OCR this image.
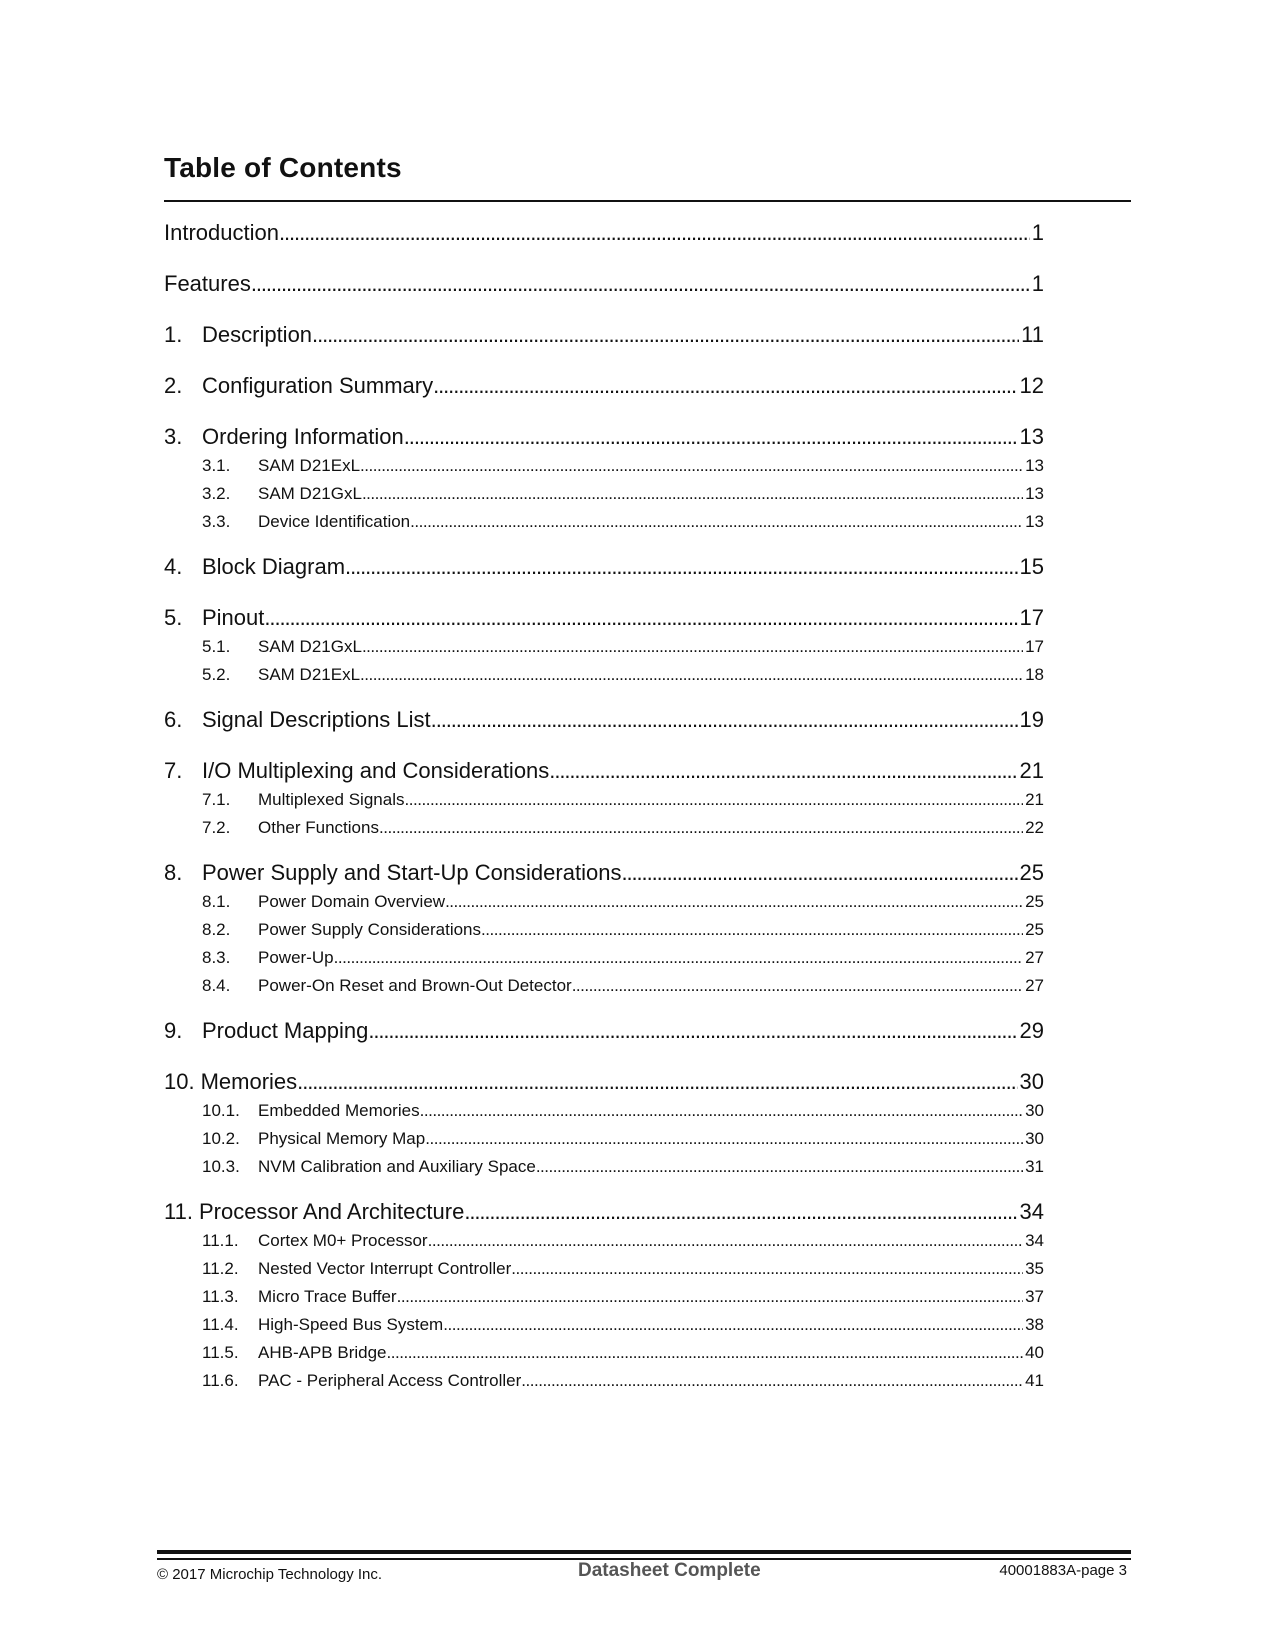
Table of Contents
Introduction . . .	1
Features . . .	1
1. Description . . .	11
2. Configuration Summary . . .	12
3. Ordering Information . . .	13
3.1.	SAM D21ExL . . .	13
3.2.	SAM D21GxL . . .	13
3.3.	Device Identification . . .	13
4. Block Diagram . . .	15
5. Pinout . . .	17
5.1.	SAM D21GxL . . .	17
5.2.	SAM D21ExL . . .	18
6. Signal Descriptions List . . .	19
7. I/O Multiplexing and Considerations . . .	21
7.1.	Multiplexed Signals . . .	21
7.2.	Other Functions . . .	22
8. Power Supply and Start-Up Considerations . . .	25
8.1.	Power Domain Overview . . .	25
8.2.	Power Supply Considerations . . .	25
8.3.	Power-Up . . .	27
8.4.	Power-On Reset and Brown-Out Detector . . .	27
9. Product Mapping . . .	29
10. Memories . . .	30
10.1.	Embedded Memories . . .	30
10.2.	Physical Memory Map . . .	30
10.3.	NVM Calibration and Auxiliary Space . . .	31
11. Processor And Architecture . . .	34
11.1.	Cortex M0+ Processor . . .	34
11.2.	Nested Vector Interrupt Controller . . .	35
11.3.	Micro Trace Buffer . . .	37
11.4.	High-Speed Bus System . . .	38
11.5.	AHB-APB Bridge . . .	40
11.6.	PAC - Peripheral Access Controller . . .	41
© 2017 Microchip Technology Inc.	Datasheet Complete	40001883A-page 3
